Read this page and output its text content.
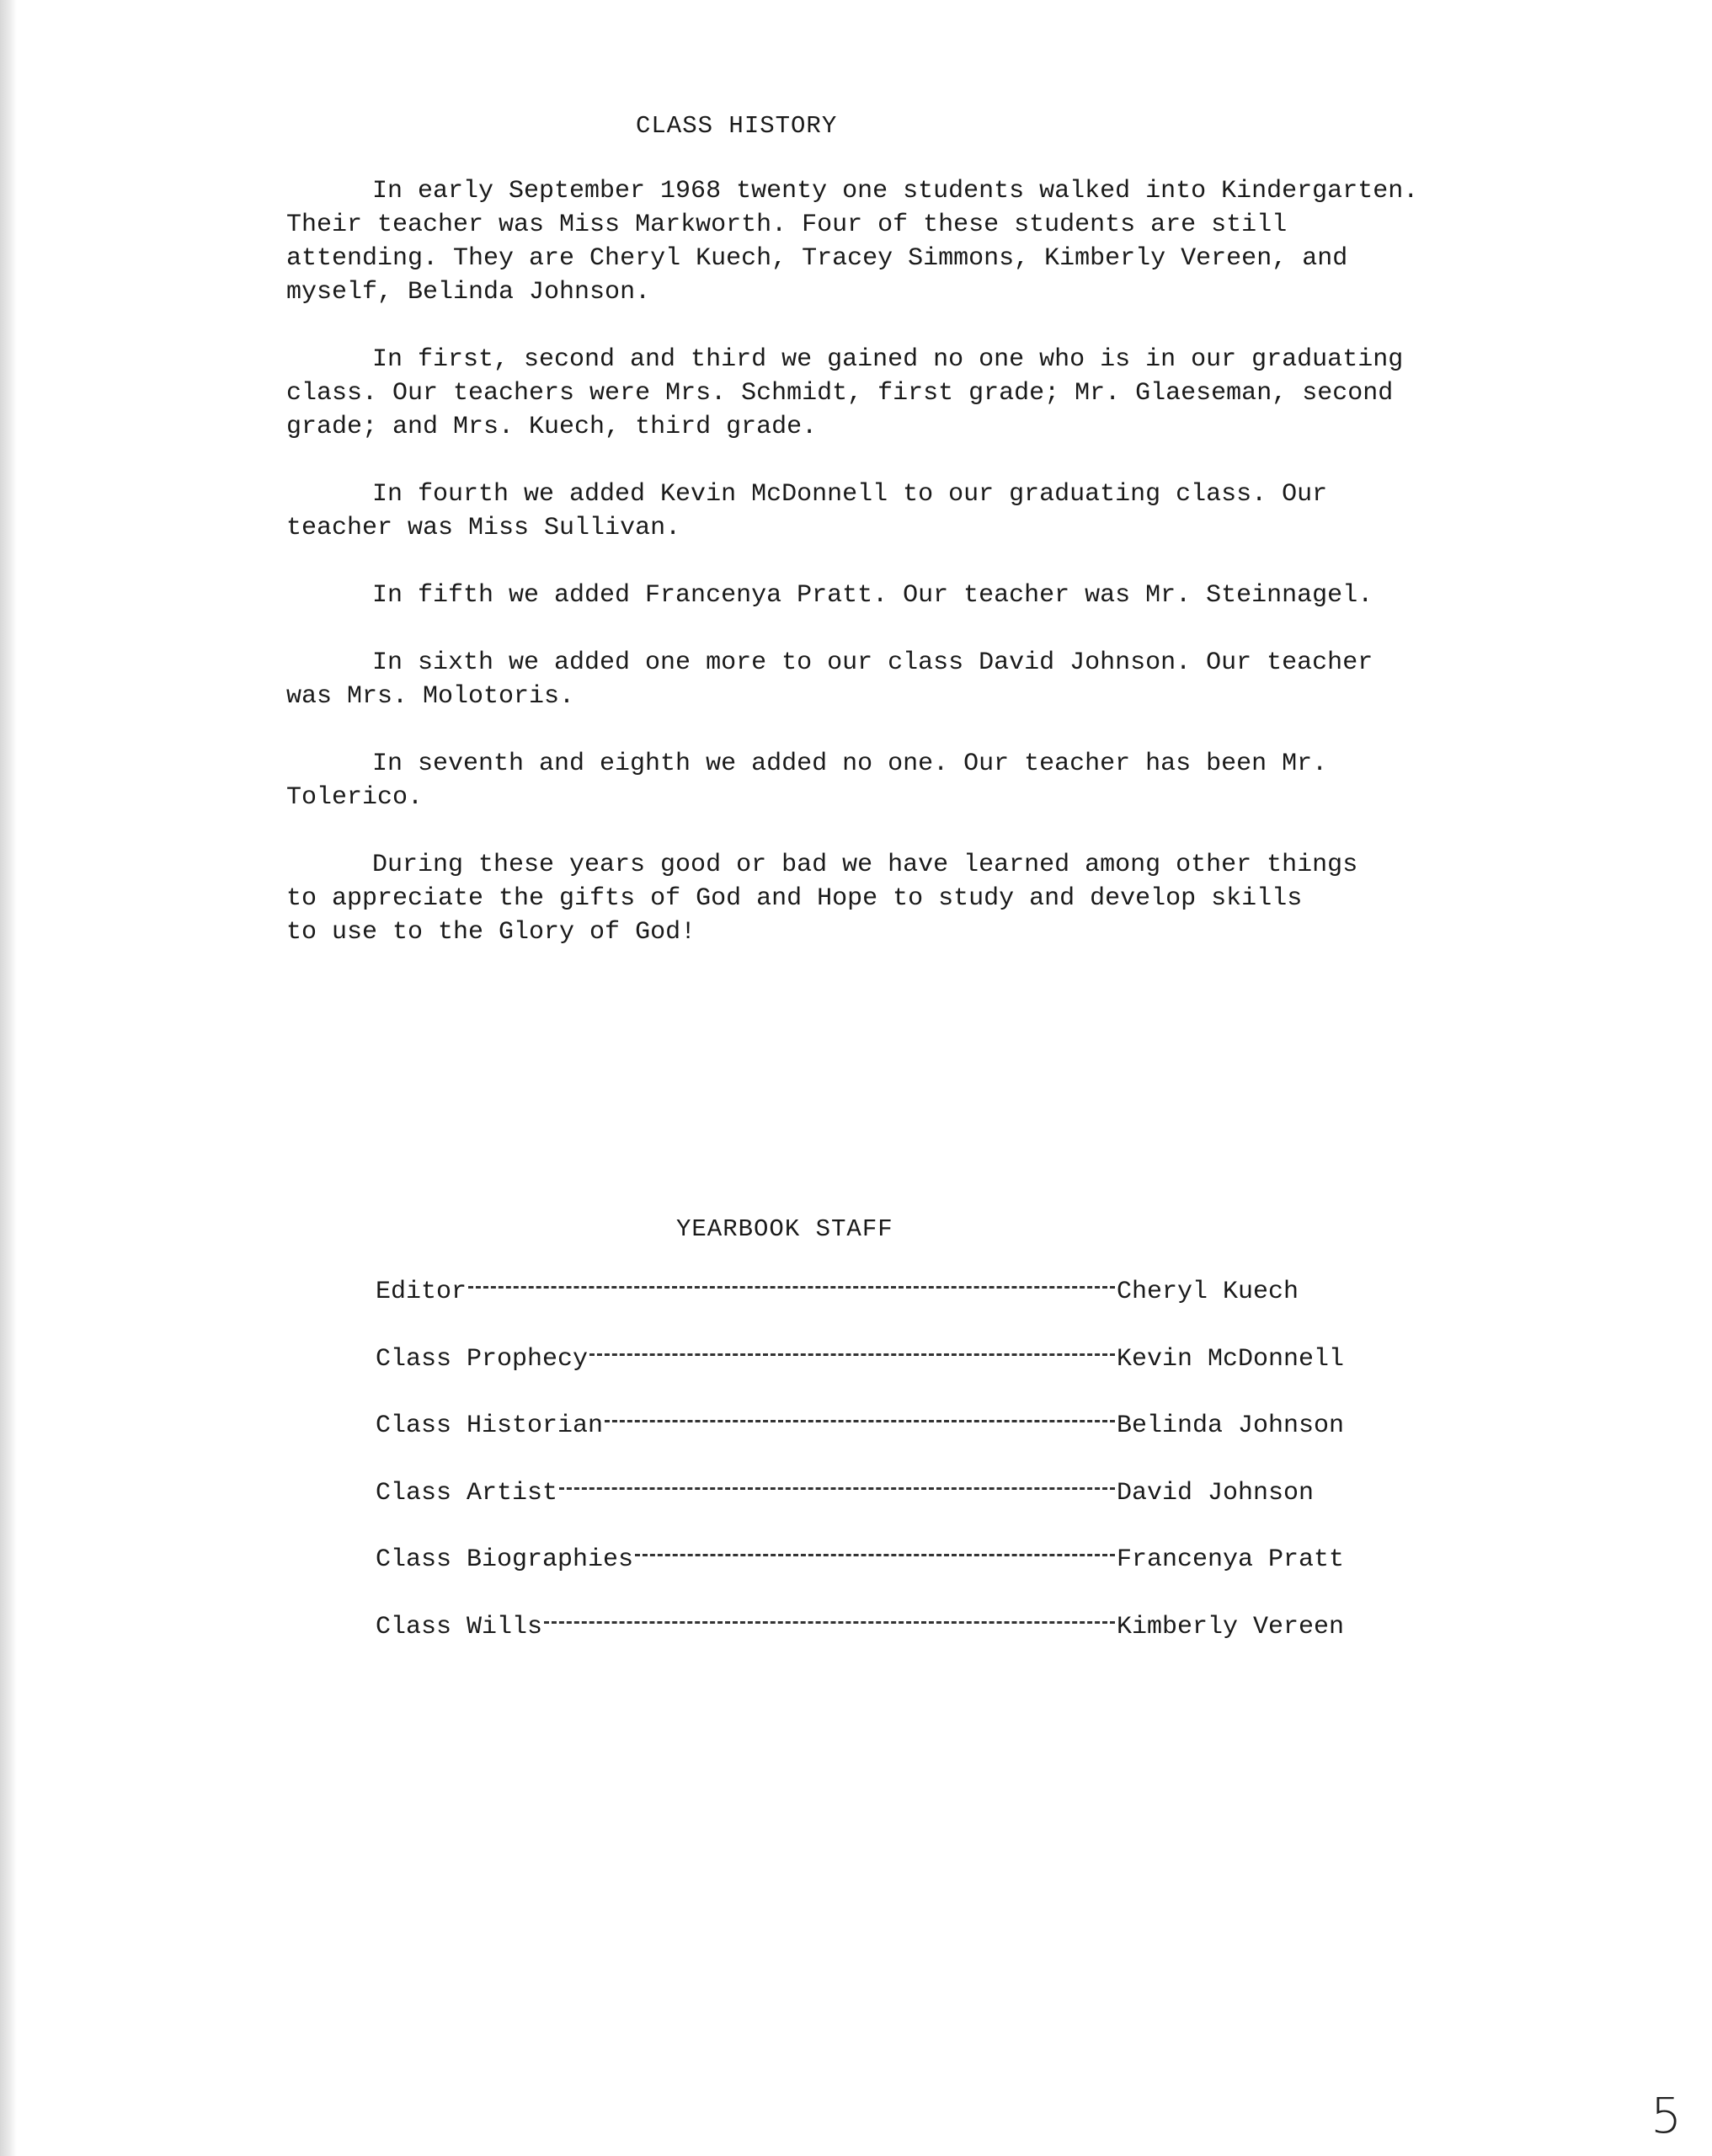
CLASS HISTORY

In early September 1968 twenty one students walked into Kindergarten.
Their teacher was Miss Markworth. Four of these students are still
attending. They are Cheryl Kuech, Tracey Simmons, Kimberly Vereen, and
myself, Belinda Johnson.

In first, second and third we gained no one who is in our graduating
class. Our teachers were Mrs. Schmidt, first grade; Mr. Glaeseman, second
grade; and Mrs. Kuech, third grade.

In fourth we added Kevin McDonnell to our graduating class. Our
teacher was Miss Sullivan.

In fifth we added Francenya Pratt. Our teacher was Mr. Steinnagel.

In sixth we added one more to our class David Johnson. Our teacher
was Mrs. Molotoris.

In seventh and eighth we added no one. Our teacher has been Mr.
Tolerico.

During these years good or bad we have learned among other things
to appreciate the gifts of God and Hope to study and develop skills
to use to the Glory of God!

YEARBOOK STAFF
Editor	Cheryl Kuech
Class Prophecy	Kevin McDonnell
Class Historian	Belinda Johnson
Class Artist	David Johnson
Class Biographies	Francenya Pratt
Class Wills	Kimberly Vereen
5
